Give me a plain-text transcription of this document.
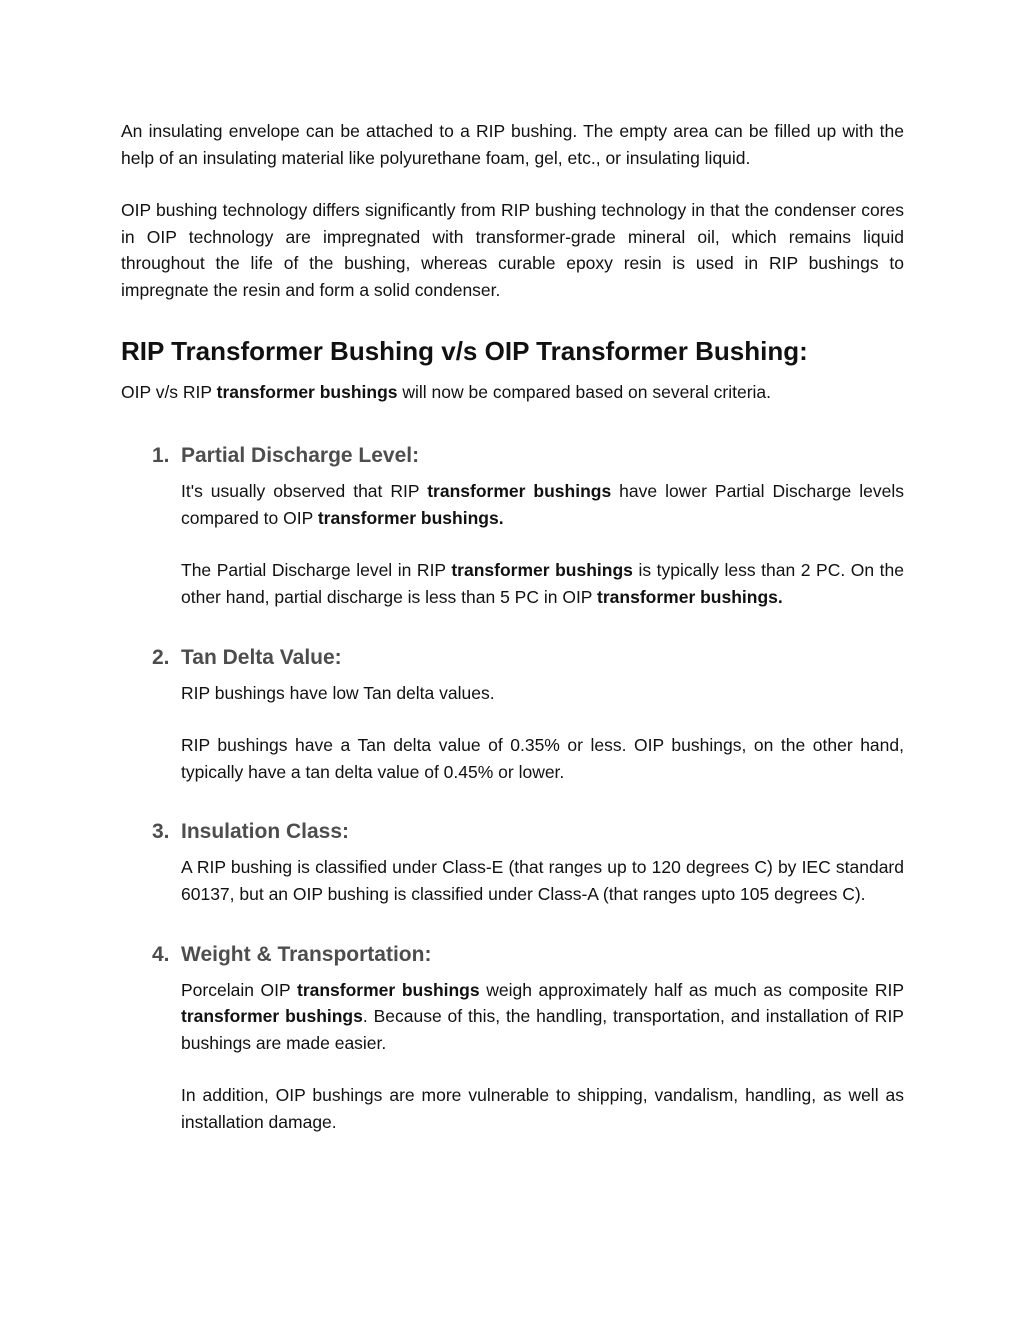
An insulating envelope can be attached to a RIP bushing. The empty area can be filled up with the help of an insulating material like polyurethane foam, gel, etc., or insulating liquid.

OIP bushing technology differs significantly from RIP bushing technology in that the condenser cores in OIP technology are impregnated with transformer-grade mineral oil, which remains liquid throughout the life of the bushing, whereas curable epoxy resin is used in RIP bushings to impregnate the resin and form a solid condenser.

RIP Transformer Bushing v/s OIP Transformer Bushing:

OIP v/s RIP transformer bushings will now be compared based on several criteria.

1. Partial Discharge Level:

It's usually observed that RIP transformer bushings have lower Partial Discharge levels compared to OIP transformer bushings.

The Partial Discharge level in RIP transformer bushings is typically less than 2 PC. On the other hand, partial discharge is less than 5 PC in OIP transformer bushings.

2. Tan Delta Value:

RIP bushings have low Tan delta values.

RIP bushings have a Tan delta value of 0.35% or less. OIP bushings, on the other hand, typically have a tan delta value of 0.45% or lower.

3. Insulation Class:

A RIP bushing is classified under Class-E (that ranges up to 120 degrees C) by IEC standard 60137, but an OIP bushing is classified under Class-A (that ranges upto 105 degrees C).

4. Weight & Transportation:

Porcelain OIP transformer bushings weigh approximately half as much as composite RIP transformer bushings. Because of this, the handling, transportation, and installation of RIP bushings are made easier.

In addition, OIP bushings are more vulnerable to shipping, vandalism, handling, as well as installation damage.
